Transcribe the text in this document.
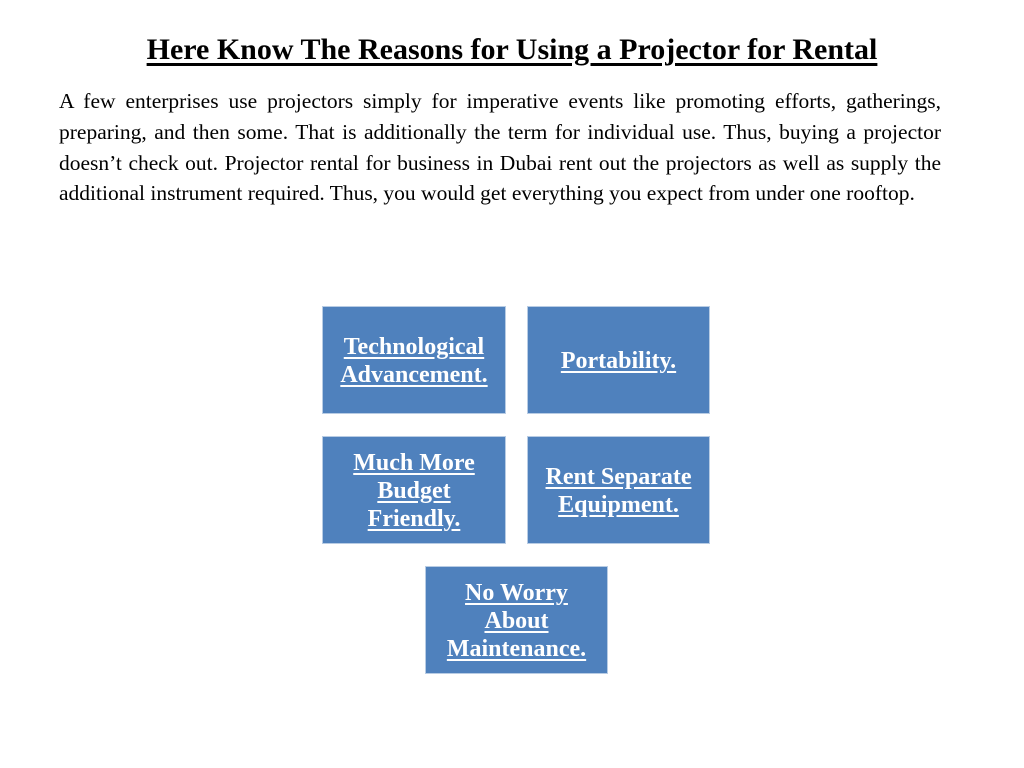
Here Know The Reasons for Using a Projector for Rental

A few enterprises use projectors simply for imperative events like promoting efforts, gatherings, preparing, and then some. That is additionally the term for individual use. Thus, buying a projector doesn’t check out. Projector rental for business in Dubai rent out the projectors as well as supply the additional instrument required. Thus, you would get everything you expect from under one rooftop.

Technological
Advancement.
Portability.
Much More
Budget
Friendly.
Rent Separate
Equipment.
No Worry
About
Maintenance.
